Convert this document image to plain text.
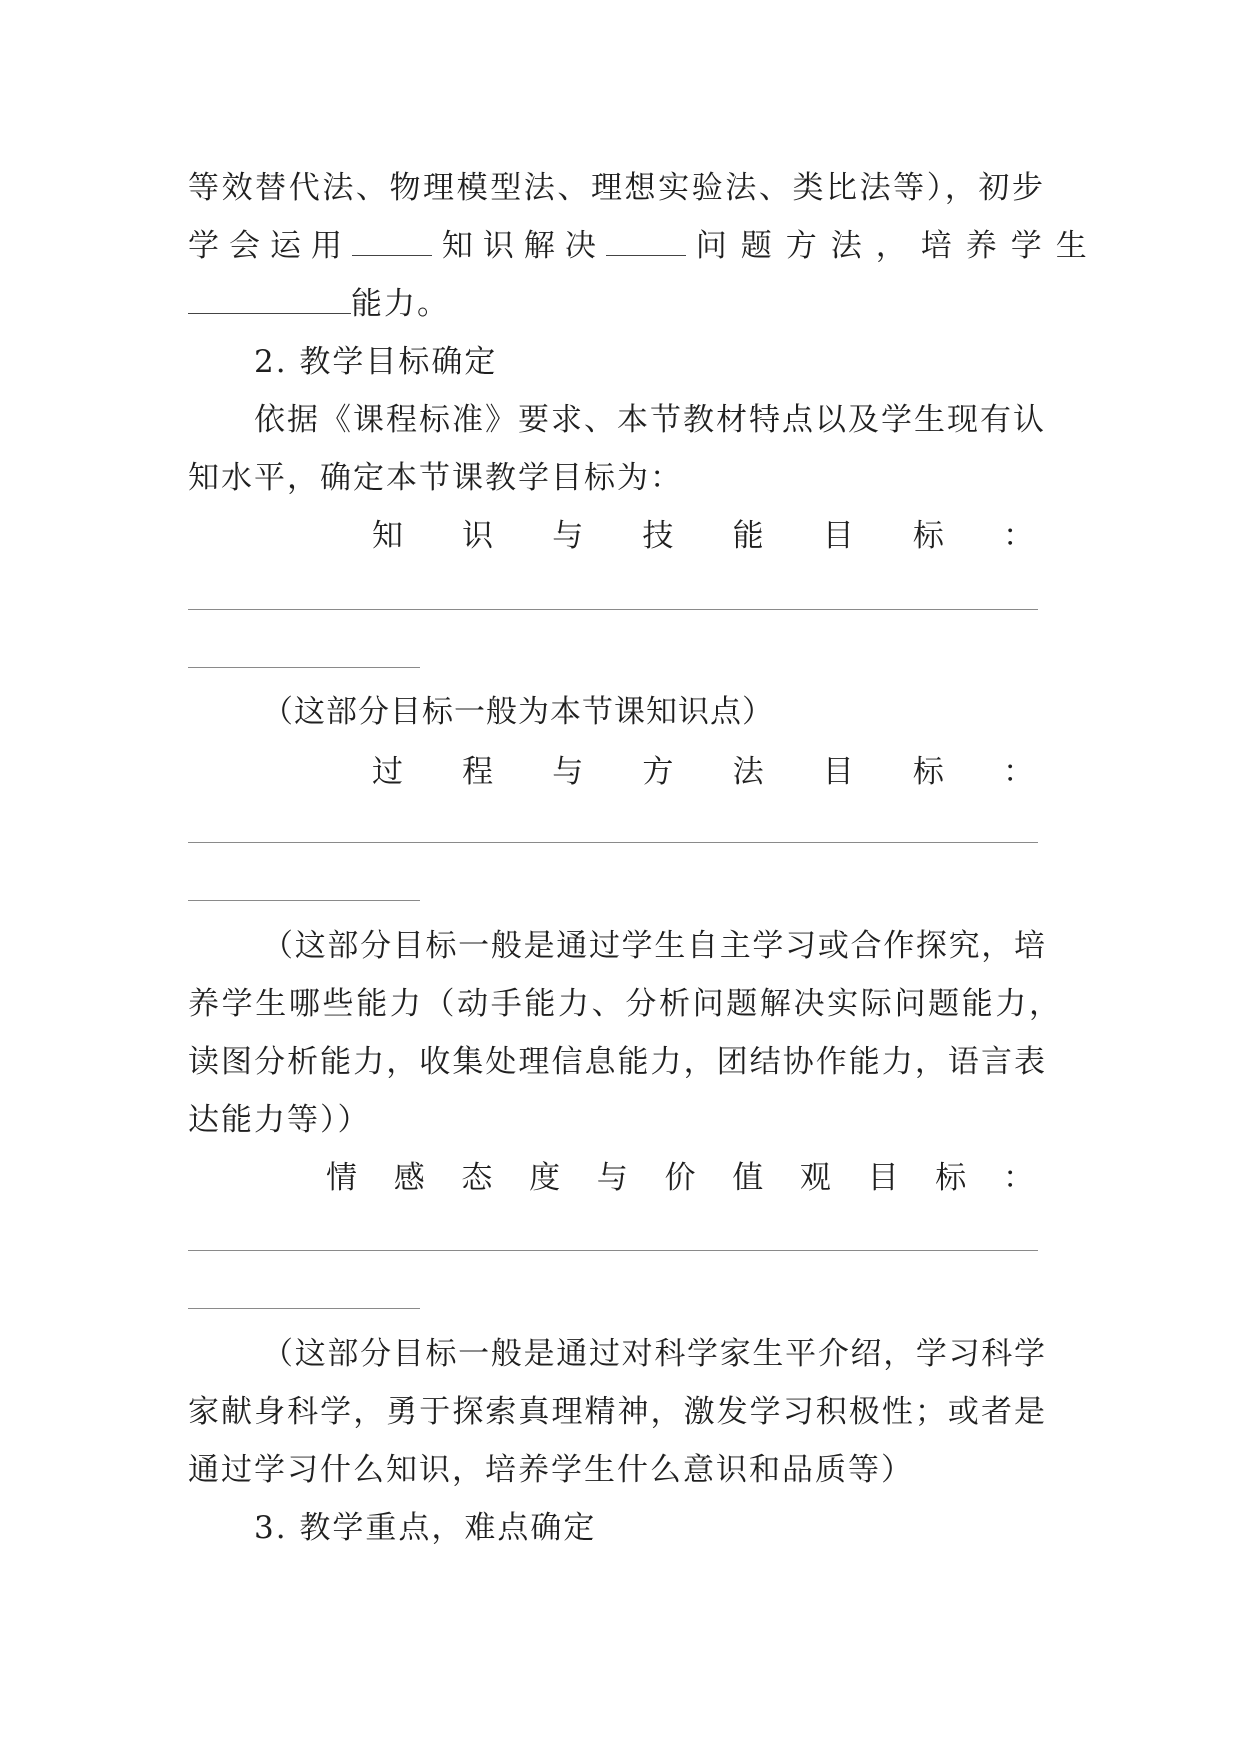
等效替代法、物理模型法、理想实验法、类比法等），初步

学会运用	知识解决	问题方法，培养学生

能力。

2. 教学目标确定

依据《课程标准》要求、本节教材特点以及学生现有认

知水平，确定本节课教学目标为：

知识与技能目标：

（这部分目标一般为本节课知识点）

过程与方法目标：

（这部分目标一般是通过学生自主学习或合作探究，培

养学生哪些能力（动手能力、分析问题解决实际问题能力，

读图分析能力，收集处理信息能力，团结协作能力，语言表

达能力等））

情感态度与价值观目标：

（这部分目标一般是通过对科学家生平介绍，学习科学

家献身科学，勇于探索真理精神，激发学习积极性；或者是

通过学习什么知识，培养学生什么意识和品质等）

3. 教学重点，难点确定
